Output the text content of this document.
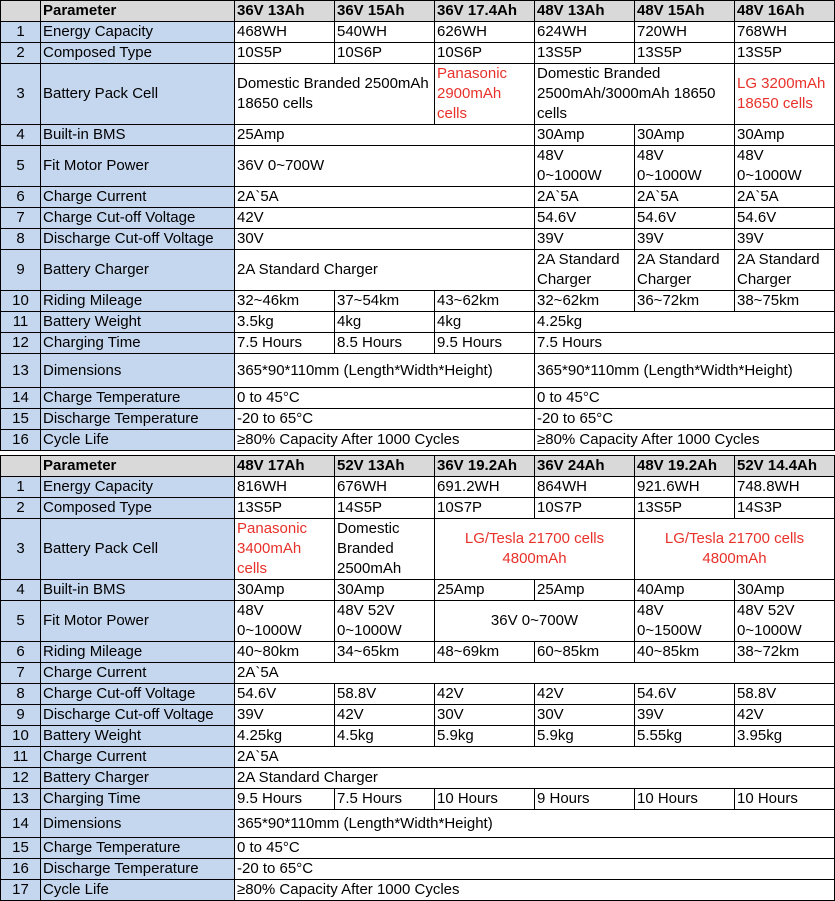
	Parameter	36V 13Ah	36V 15Ah	36V 17.4Ah	48V 13Ah	48V 15Ah	48V 16Ah
1	Energy Capacity	468WH	540WH	626WH	624WH	720WH	768WH
2	Composed Type	10S5P	10S6P	10S6P	13S5P	13S5P	13S5P
3	Battery Pack Cell	Domestic Branded 2500mAh 18650 cells		Panasonic 2900mAh cells	Domestic Branded 2500mAh/3000mAh 18650 cells		LG 3200mAh 18650 cells
4	Built-in BMS	25Amp			30Amp	30Amp	30Amp
5	Fit Motor Power	36V 0~700W			48V 0~1000W	48V 0~1000W	48V 0~1000W
6	Charge Current	2A`5A			2A`5A	2A`5A	2A`5A
7	Charge Cut-off Voltage	42V			54.6V	54.6V	54.6V
8	Discharge Cut-off Voltage	30V			39V	39V	39V
9	Battery Charger	2A Standard Charger			2A Standard Charger	2A Standard Charger	2A Standard Charger
10	Riding Mileage	32~46km	37~54km	43~62km	32~62km	36~72km	38~75km
11	Battery Weight	3.5kg	4kg	4kg	4.25kg		
12	Charging Time	7.5 Hours	8.5 Hours	9.5 Hours	7.5 Hours		
13	Dimensions	365*90*110mm (Length*Width*Height)			365*90*110mm (Length*Width*Height)		
14	Charge Temperature	0 to 45°C			0 to 45°C		
15	Discharge Temperature	-20 to 65°C			-20 to 65°C		
16	Cycle Life	≥80% Capacity After 1000 Cycles			≥80% Capacity After 1000 Cycles		
	Parameter	48V 17Ah	52V 13Ah	36V 19.2Ah	36V 24Ah	48V 19.2Ah	52V 14.4Ah
1	Energy Capacity	816WH	676WH	691.2WH	864WH	921.6WH	748.8WH
2	Composed Type	13S5P	14S5P	10S7P	10S7P	13S5P	14S3P
3	Battery Pack Cell	Panasonic 3400mAh cells	Domestic Branded 2500mAh	LG/Tesla 21700 cells 4800mAh		LG/Tesla 21700 cells 4800mAh	
4	Built-in BMS	30Amp	30Amp	25Amp	25Amp	40Amp	30Amp
5	Fit Motor Power	48V 0~1000W	48V 52V 0~1000W	36V 0~700W		48V 0~1500W	48V 52V 0~1000W
6	Riding Mileage	40~80km	34~65km	48~69km	60~85km	40~85km	38~72km
7	Charge Current	2A`5A					
8	Charge Cut-off Voltage	54.6V	58.8V	42V	42V	54.6V	58.8V
9	Discharge Cut-off Voltage	39V	42V	30V	30V	39V	42V
10	Battery Weight	4.25kg	4.5kg	5.9kg	5.9kg	5.55kg	3.95kg
11	Charge Current	2A`5A					
12	Battery Charger	2A Standard Charger					
13	Charging Time	9.5 Hours	7.5 Hours	10 Hours	9 Hours	10 Hours	10 Hours
14	Dimensions	365*90*110mm (Length*Width*Height)					
15	Charge Temperature	0 to 45°C					
16	Discharge Temperature	-20 to 65°C					
17	Cycle Life	≥80% Capacity After 1000 Cycles					
